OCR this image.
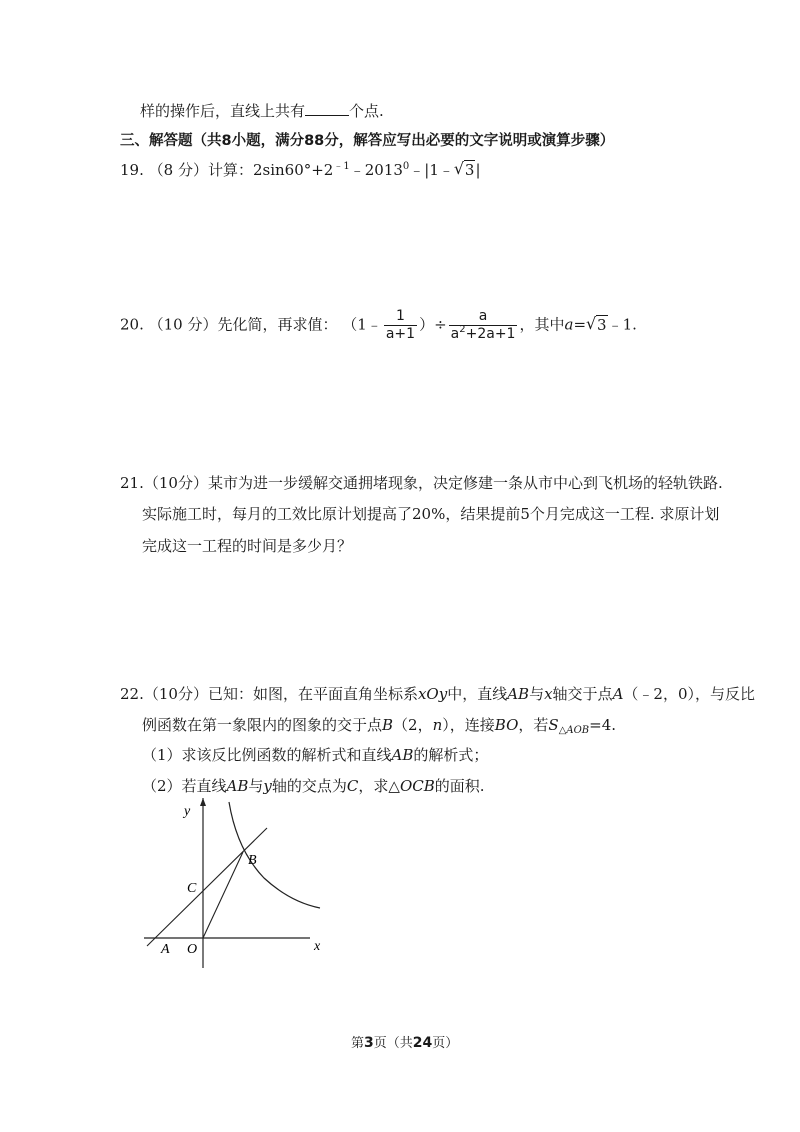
样的操作后，直线上共有	个点.
三、解答题（共8小题，满分88分，解答应写出必要的文字说明或演算步骤）
19. （8 分）计算：$2\sin 60^\circ+2^{﹣1}﹣2013^0﹣|1﹣√$ 3|
20. （10 分）先化简，再求值： （1﹣ $\frac{1}{a+1}$ ）÷ $\frac{a}{a^2+2a+1}$ ，其中a=√ 3﹣1.
21.（10分）某市为进一步缓解交通拥堵现象，决定修建一条从市中心到飞机场的轻轨铁路.
实际施工时，每月的工效比原计划提高了20%，结果提前5个月完成这一工程. 求原计划
完成这一工程的时间是多少月？
22.（10分）已知：如图，在平面直角坐标系xOy中，直线AB与x轴交于点A（﹣2，0），与反比
例函数在第一象限内的图象的交于点B（2，n），连接BO，若$S_{\triangle AOB}=4$.
（1）求该反比例函数的解析式和直线AB的解析式；
（2）若直线AB与y轴的交点为C，求△OCB的面积.
y
x
O
A
B
C
第3页（共24页）
